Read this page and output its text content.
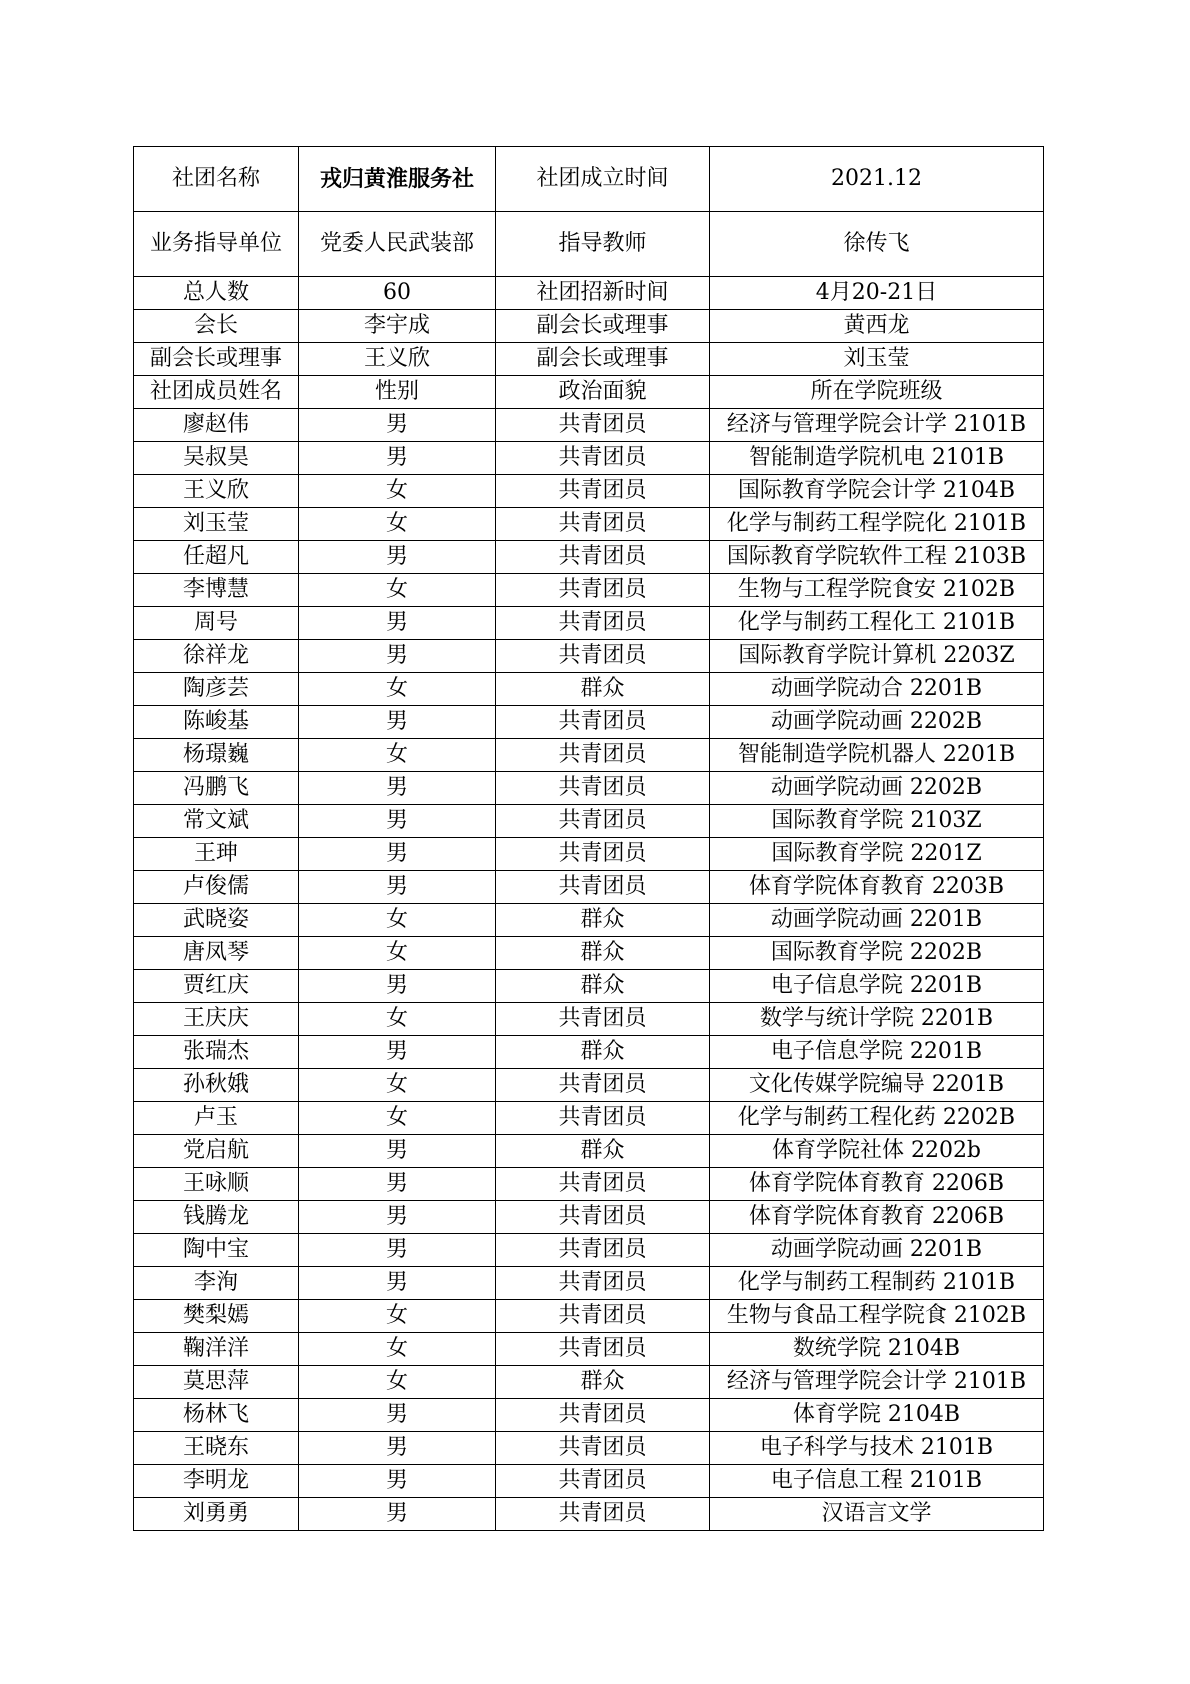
社团名称	戎归黄淮服务社	社团成立时间	2021.12
业务指导单位	党委人民武装部	指导教师	徐传飞
总人数	60	社团招新时间	4月20-21日
会长	李宇成	副会长或理事	黄西龙
副会长或理事	王义欣	副会长或理事	刘玉莹
社团成员姓名	性别	政治面貌	所在学院班级
廖赵伟	男	共青团员	经济与管理学院会计学 2101B
吴叔昊	男	共青团员	智能制造学院机电 2101B
王义欣	女	共青团员	国际教育学院会计学 2104B
刘玉莹	女	共青团员	化学与制药工程学院化 2101B
任超凡	男	共青团员	国际教育学院软件工程 2103B
李博慧	女	共青团员	生物与工程学院食安 2102B
周号	男	共青团员	化学与制药工程化工 2101B
徐祥龙	男	共青团员	国际教育学院计算机 2203Z
陶彦芸	女	群众	动画学院动合 2201B
陈峻基	男	共青团员	动画学院动画 2202B
杨璟巍	女	共青团员	智能制造学院机器人 2201B
冯鹏飞	男	共青团员	动画学院动画 2202B
常文斌	男	共青团员	国际教育学院 2103Z
王珅	男	共青团员	国际教育学院 2201Z
卢俊儒	男	共青团员	体育学院体育教育 2203B
武晓姿	女	群众	动画学院动画 2201B
唐凤琴	女	群众	国际教育学院 2202B
贾红庆	男	群众	电子信息学院 2201B
王庆庆	女	共青团员	数学与统计学院 2201B
张瑞杰	男	群众	电子信息学院 2201B
孙秋娥	女	共青团员	文化传媒学院编导 2201B
卢玉	女	共青团员	化学与制药工程化药 2202B
党启航	男	群众	体育学院社体 2202b
王咏顺	男	共青团员	体育学院体育教育 2206B
钱腾龙	男	共青团员	体育学院体育教育 2206B
陶中宝	男	共青团员	动画学院动画 2201B
李洵	男	共青团员	化学与制药工程制药 2101B
樊梨嫣	女	共青团员	生物与食品工程学院食 2102B
鞠洋洋	女	共青团员	数统学院 2104B
莫思萍	女	群众	经济与管理学院会计学 2101B
杨林飞	男	共青团员	体育学院 2104B
王晓东	男	共青团员	电子科学与技术 2101B
李明龙	男	共青团员	电子信息工程 2101B
刘勇勇	男	共青团员	汉语言文学
